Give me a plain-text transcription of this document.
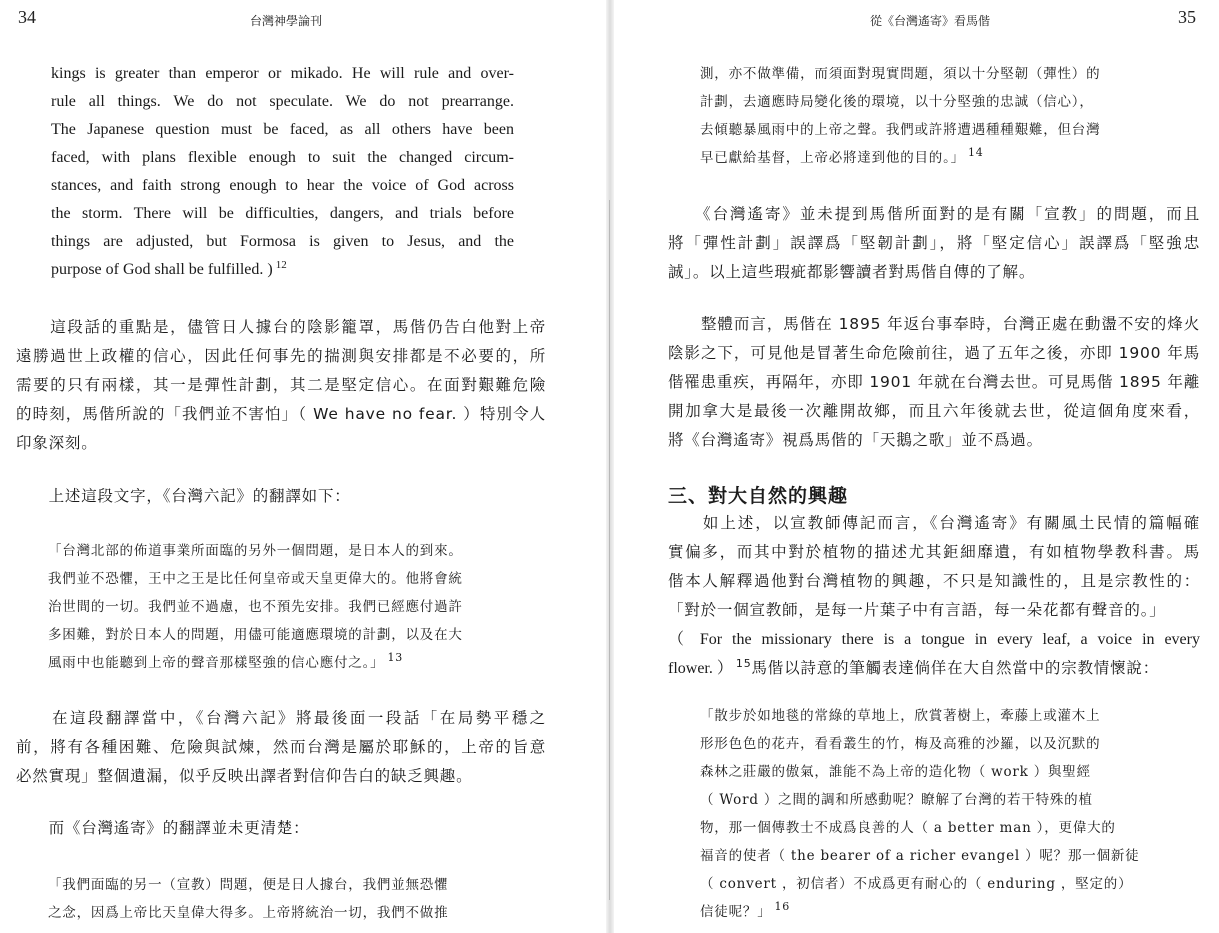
34	台灣神學論刊
kings is greater than emperor or mikado. He will rule and over-
rule all things. We do not speculate. We do not prearrange.
The Japanese question must be faced, as all others have been
faced, with plans flexible enough to suit the changed circum-
stances, and faith strong enough to hear the voice of God across
the storm. There will be difficulties, dangers, and trials before
things are adjusted, but Formosa is given to Jesus, and the
purpose of God shall be fulfilled. ) $^{12}$
　　這段話的重點是，儘管日人據台的陰影籠罩，馬偕仍告白他對上帝
遠勝過世上政權的信心，因此任何事先的揣測與安排都是不必要的，所
需要的只有兩樣，其一是彈性計劃，其二是堅定信心。在面對艱難危險
的時刻，馬偕所說的「我們並不害怕」（ We have no fear. ）特別令人
印象深刻。
　　上述這段文字，《台灣六記》的翻譯如下：
「台灣北部的佈道事業所面臨的另外一個問題，是日本人的到來。
我們並不恐懼，王中之王是比任何皇帝或天皇更偉大的。他將會統
治世間的一切。我們並不過慮，也不預先安排。我們已經應付過許
多困難，對於日本人的問題，用儘可能適應環境的計劃，以及在大
風雨中也能聽到上帝的聲音那樣堅強的信心應付之。」 $^{13}$
　　在這段翻譯當中，《台灣六記》將最後面一段話「在局勢平穩之
前，將有各種困難、危險與試煉，然而台灣是屬於耶穌的，上帝的旨意
必然實現」整個遺漏，似乎反映出譯者對信仰告白的缺乏興趣。
　　而《台灣遙寄》的翻譯並未更清楚：
「我們面臨的另一（宣教）問題，便是日人據台，我們並無恐懼
之念，因爲上帝比天皇偉大得多。上帝將統治一切，我們不做推
從《台灣遙寄》看馬偕	35
測，亦不做準備，而須面對現實問題，須以十分堅韌（彈性）的
計劃，去適應時局變化後的環境，以十分堅強的忠誠（信心），
去傾聽暴風雨中的上帝之聲。我們或許將遭遇種種艱難，但台灣
早已獻給基督，上帝必將達到他的目的。」 $^{14}$
　　《台灣遙寄》並未提到馬偕所面對的是有關「宣教」的問題，而且
將「彈性計劃」誤譯爲「堅韌計劃」，將「堅定信心」誤譯爲「堅強忠
誠」。以上這些瑕疵都影響讀者對馬偕自傳的了解。
　　整體而言，馬偕在 1895 年返台事奉時，台灣正處在動盪不安的烽火
陰影之下，可見他是冒著生命危險前往，過了五年之後，亦即 1900 年馬
偕罹患重疾，再隔年，亦即 1901 年就在台灣去世。可見馬偕 1895 年離
開加拿大是最後一次離開故鄉，而且六年後就去世，從這個角度來看，
將《台灣遙寄》視爲馬偕的「天鵝之歌」並不爲過。
三、對大自然的興趣
　　如上述，以宣教師傳記而言，《台灣遙寄》有關風土民情的篇幅確
實偏多，而其中對於植物的描述尤其鉅細靡遺，有如植物學教科書。馬
偕本人解釋過他對台灣植物的興趣，不只是知識性的，且是宗教性的：
「對於一個宣教師，是每一片葉子中有言語，每一朵花都有聲音的。」
（ For the missionary there is a tongue in every leaf, a voice in every
flower. ） $^{15}$馬偕以詩意的筆觸表達倘佯在大自然當中的宗教情懷說：
「散步於如地毯的常綠的草地上，欣賞著樹上，牽藤上或灌木上
形形色色的花卉，看看叢生的竹，梅及高雅的沙羅，以及沉默的
森林之莊嚴的傲氣，誰能不為上帝的造化物（ work ）與聖經
（ Word ）之間的調和所感動呢？瞭解了台灣的若干特殊的植
物，那一個傳教士不成爲良善的人（ a better man ），更偉大的
福音的使者（ the bearer of a richer evangel ）呢？那一個新徒
（ convert ，初信者）不成爲更有耐心的（ enduring ，堅定的）
信徒呢？」 $^{16}$
